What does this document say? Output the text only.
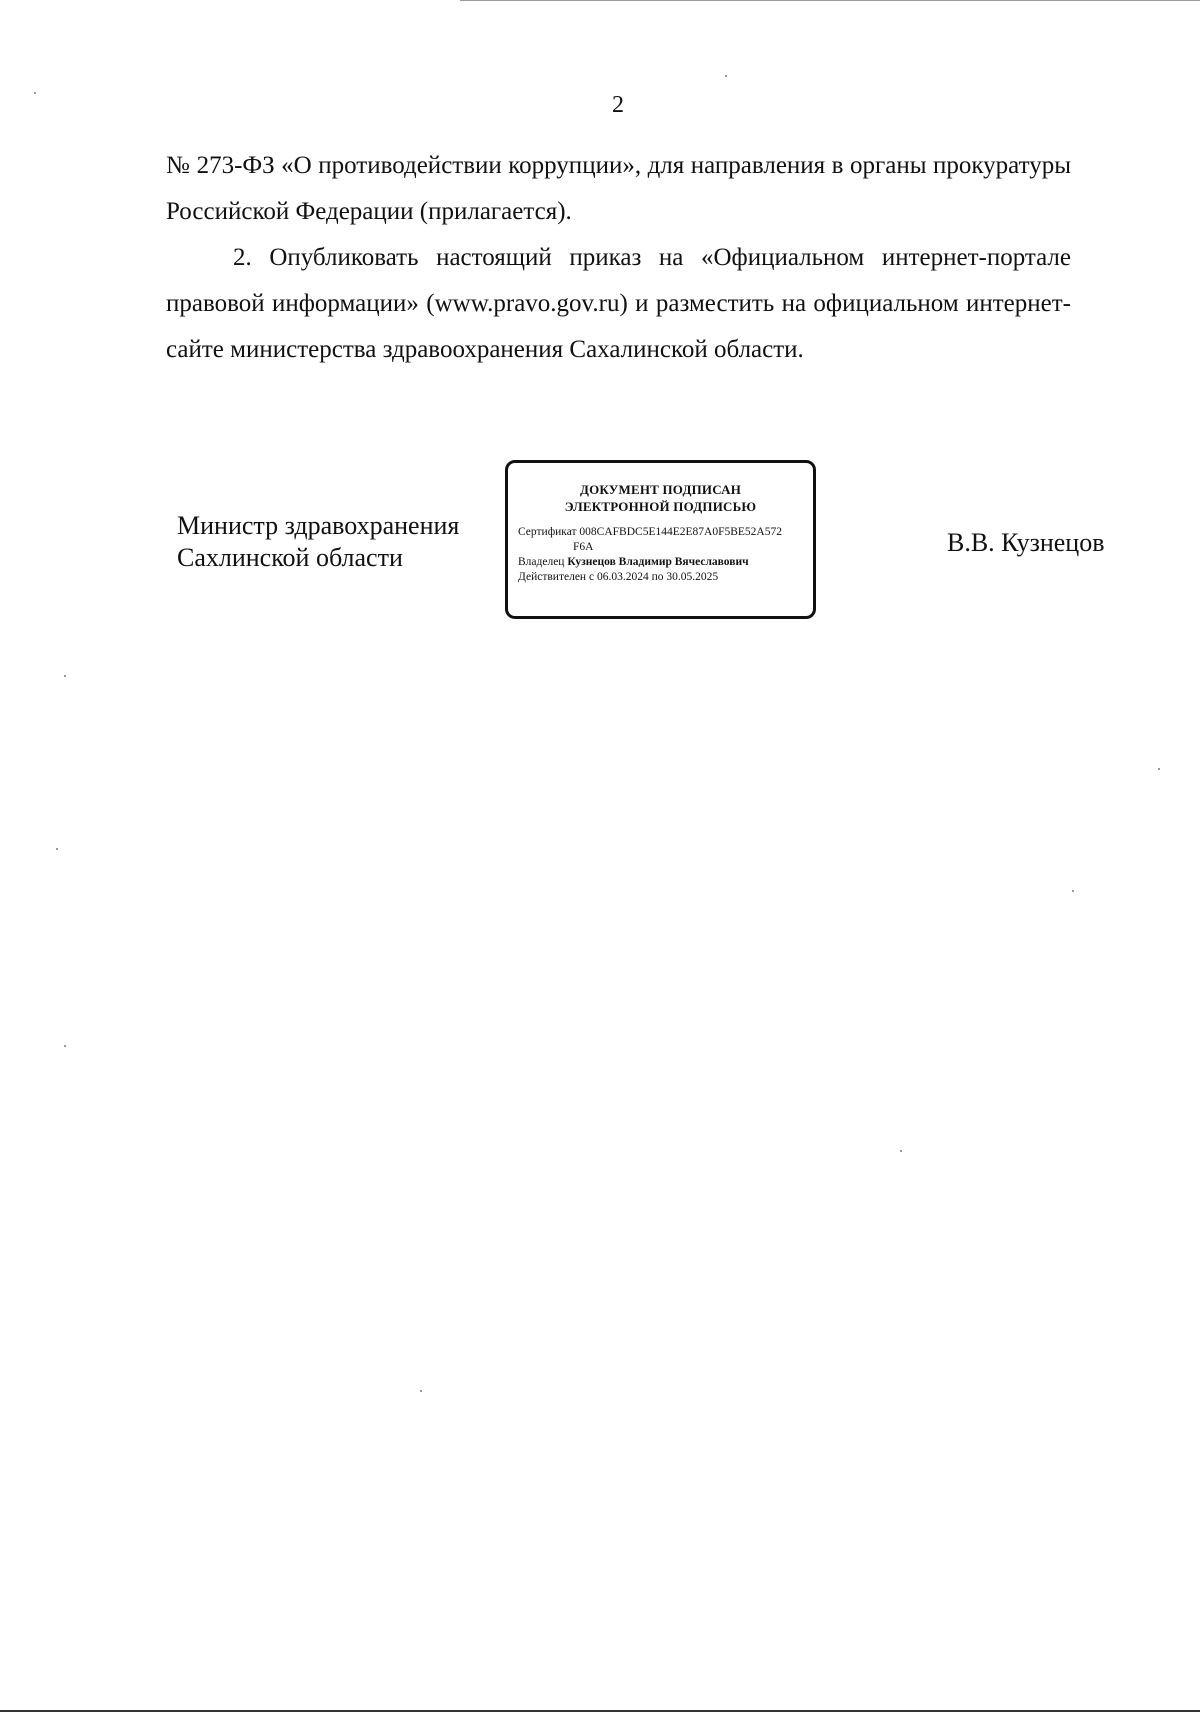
2

№ 273-ФЗ «О противодействии коррупции», для направления в органы прокуратуры Российской Федерации (прилагается).

2. Опубликовать настоящий приказ на «Официальном интернет-портале правовой информации» (www.pravo.gov.ru) и разместить на официальном интернет-сайте министерства здравоохранения Сахалинской области.

Министр здравохранения
Сахлинской области
ДОКУМЕНТ ПОДПИСАН
ЭЛЕКТРОННОЙ ПОДПИСЬЮ
Сертификат 008CAFBDC5E144E2E87A0F5BE52A572
F6A
Владелец Кузнецов Владимир Вячеславович
Действителен с 06.03.2024 по 30.05.2025
В.В. Кузнецов
